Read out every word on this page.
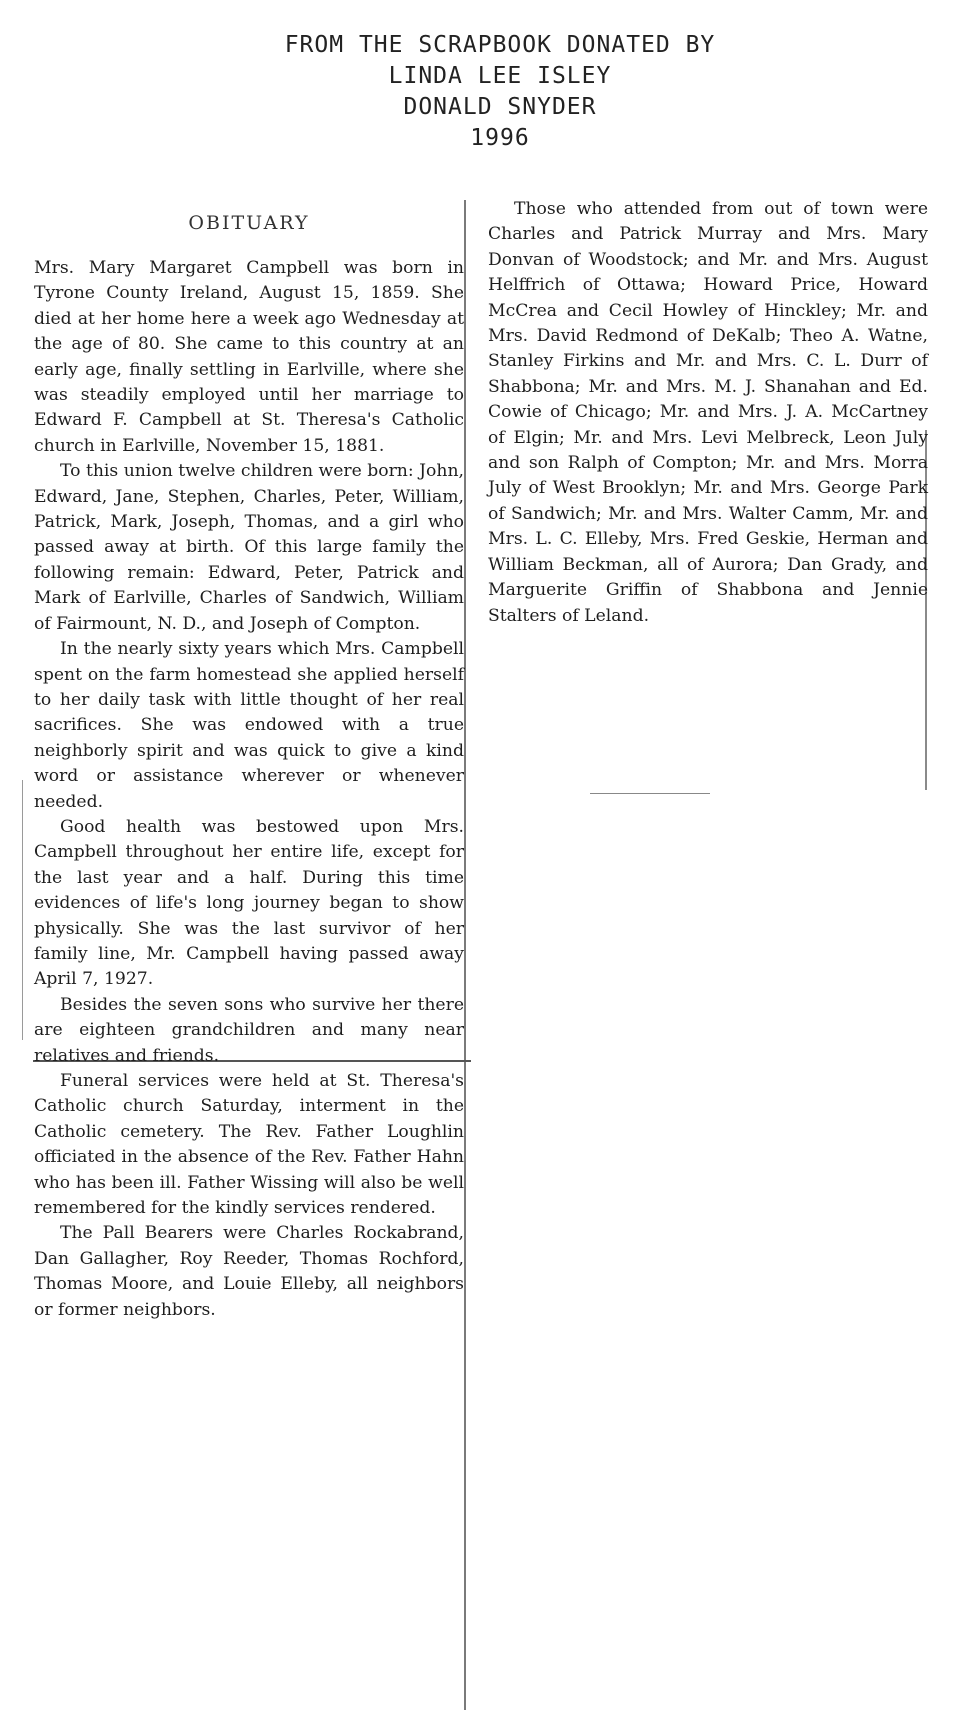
FROM THE SCRAPBOOK DONATED BY
LINDA LEE ISLEY
DONALD SNYDER
1996
OBITUARY

Mrs. Mary Margaret Campbell was born in Tyrone County Ireland, August 15, 1859. She died at her home here a week ago Wednesday at the age of 80. She came to this country at an early age, finally settling in Earlville, where she was steadily employed until her marriage to Edward F. Campbell at St. Theresa's Catholic church in Earlville, November 15, 1881.

To this union twelve children were born: John, Edward, Jane, Stephen, Charles, Peter, William, Patrick, Mark, Joseph, Thomas, and a girl who passed away at birth. Of this large family the following remain: Edward, Peter, Patrick and Mark of Earlville, Charles of Sandwich, William of Fairmount, N. D., and Joseph of Compton.

In the nearly sixty years which Mrs. Campbell spent on the farm homestead she applied herself to her daily task with little thought of her real sacrifices. She was endowed with a true neighborly spirit and was quick to give a kind word or assistance wherever or whenever needed.

Good health was bestowed upon Mrs. Campbell throughout her entire life, except for the last year and a half. During this time evidences of life's long journey began to show physically. She was the last survivor of her family line, Mr. Campbell having passed away April 7, 1927.

Besides the seven sons who survive her there are eighteen grandchildren and many near relatives and friends.

Funeral services were held at St. Theresa's Catholic church Saturday, interment in the Catholic cemetery. The Rev. Father Loughlin officiated in the absence of the Rev. Father Hahn who has been ill. Father Wissing will also be well remembered for the kindly services rendered.

The Pall Bearers were Charles Rockabrand, Dan Gallagher, Roy Reeder, Thomas Rochford, Thomas Moore, and Louie Elleby, all neighbors or former neighbors.

Those who attended from out of town were Charles and Patrick Murray and Mrs. Mary Donvan of Woodstock; and Mr. and Mrs. August Helffrich of Ottawa; Howard Price, Howard McCrea and Cecil Howley of Hinckley; Mr. and Mrs. David Redmond of DeKalb; Theo A. Watne, Stanley Firkins and Mr. and Mrs. C. L. Durr of Shabbona; Mr. and Mrs. M. J. Shanahan and Ed. Cowie of Chicago; Mr. and Mrs. J. A. McCartney of Elgin; Mr. and Mrs. Levi Melbreck, Leon July and son Ralph of Compton; Mr. and Mrs. Morra July of West Brooklyn; Mr. and Mrs. George Park of Sandwich; Mr. and Mrs. Walter Camm, Mr. and Mrs. L. C. Elleby, Mrs. Fred Geskie, Herman and William Beckman, all of Aurora; Dan Grady, and Marguerite Griffin of Shabbona and Jennie Stalters of Leland.
